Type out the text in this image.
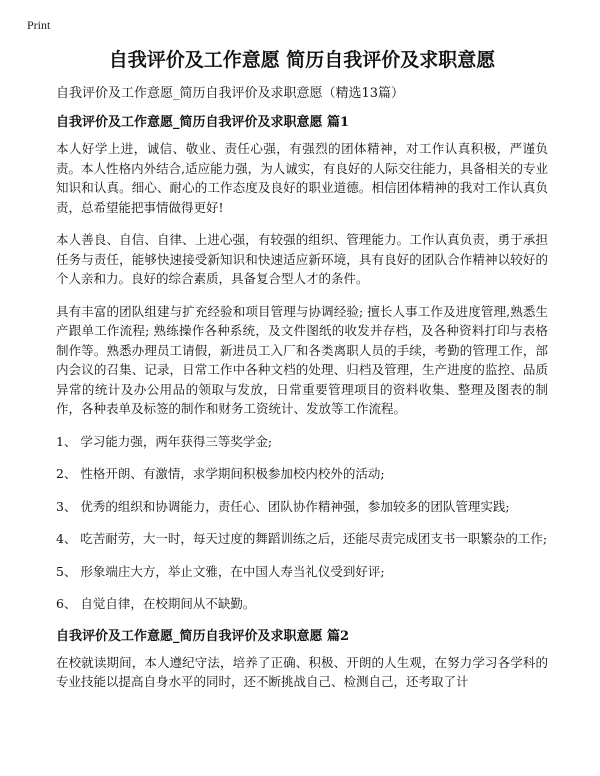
Print
自我评价及工作意愿 简历自我评价及求职意愿
自我评价及工作意愿_简历自我评价及求职意愿（精选13篇）
自我评价及工作意愿_简历自我评价及求职意愿 篇1

本人好学上进，诚信、敬业、责任心强，有强烈的团体精神，对工作认真积极，严谨负责。本人性格内外结合,适应能力强，为人诚实，有良好的人际交往能力，具备相关的专业知识和认真。细心、耐心的工作态度及良好的职业道德。相信团体精神的我对工作认真负责，总希望能把事情做得更好!

本人善良、自信、自律、上进心强，有较强的组织、管理能力。工作认真负责，勇于承担任务与责任，能够快速接受新知识和快速适应新环境，具有良好的团队合作精神以较好的个人亲和力。良好的综合素质，具备复合型人才的条件。

具有丰富的团队组建与扩充经验和项目管理与协调经验; 擅长人事工作及进度管理,熟悉生产跟单工作流程; 熟练操作各种系统，及文件图纸的收发并存档，及各种资料打印与表格制作等。熟悉办理员工请假，新进员工入厂和各类离职人员的手续，考勤的管理工作，部内会议的召集、记录，日常工作中各种文档的处理、归档及管理，生产进度的监控、品质异常的统计及办公用品的领取与发放，日常重要管理项目的资料收集、整理及图表的制作，各种表单及标签的制作和财务工资统计、发放等工作流程。

1、 学习能力强，两年获得三等奖学金;

2、 性格开朗、有激情，求学期间积极参加校内校外的活动;

3、 优秀的组织和协调能力，责任心、团队协作精神强，参加较多的团队管理实践;

4、 吃苦耐劳，大一时，每天过度的舞蹈训练之后，还能尽责完成团支书一职繁杂的工作;

5、 形象端庄大方，举止文雅，在中国人寿当礼仪受到好评;

6、 自觉自律，在校期间从不缺勤。

自我评价及工作意愿_简历自我评价及求职意愿 篇2

在校就读期间，本人遵纪守法，培养了正确、积极、开朗的人生观，在努力学习各学科的专业技能以提高自身水平的同时，还不断挑战自己、检测自己，还考取了计
